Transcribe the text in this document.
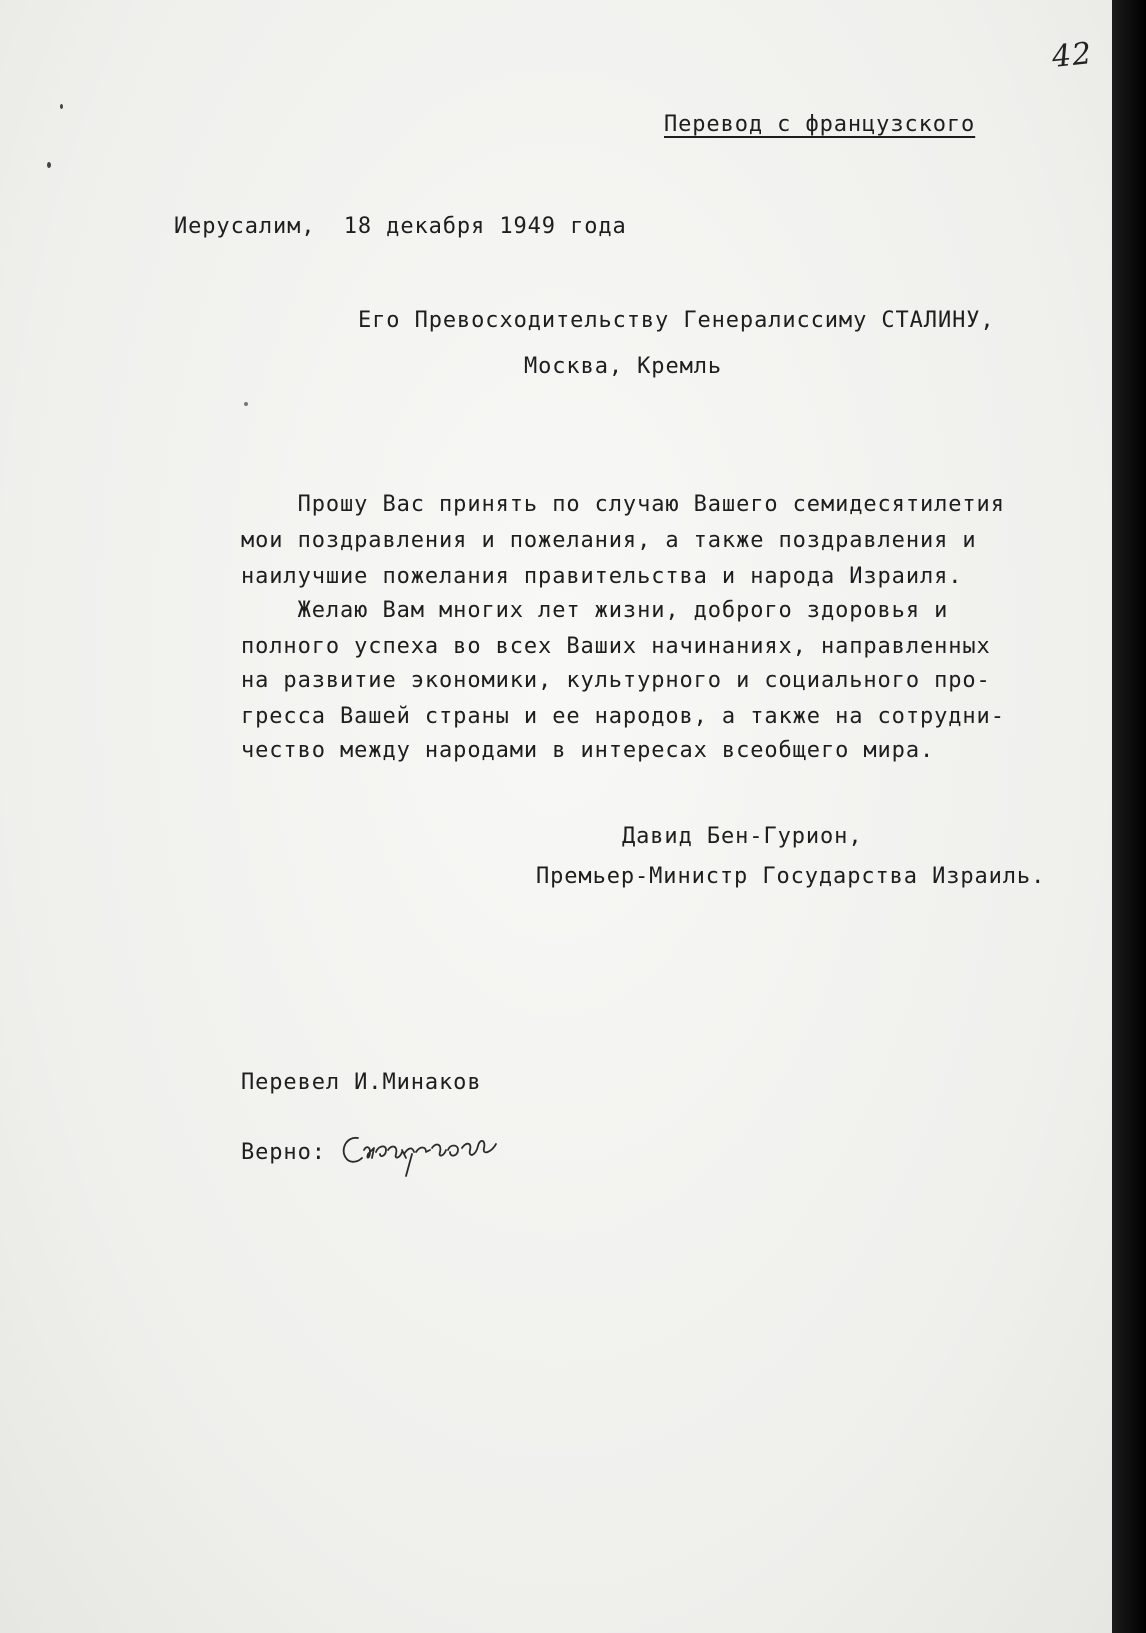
42
Перевод с французского
Иерусалим,  18 декабря 1949 года
Его Превосходительству Генералиссиму СТАЛИНУ,
Москва, Кремль
Прошу Вас принять по случаю Вашего семидесятилетия
мои поздравления и пожелания, а также поздравления и
наилучшие пожелания правительства и народа Израиля.
Желаю Вам многих лет жизни, доброго здоровья и
полного успеха во всех Ваших начинаниях, направленных
на развитие экономики, культурного и социального про-
гресса Вашей страны и ее народов, а также на сотрудни-
чество между народами в интересах всеобщего мира.
Давид Бен-Гурион,
Премьер-Министр Государства Израиль.
Перевел И.Минаков
Верно:
